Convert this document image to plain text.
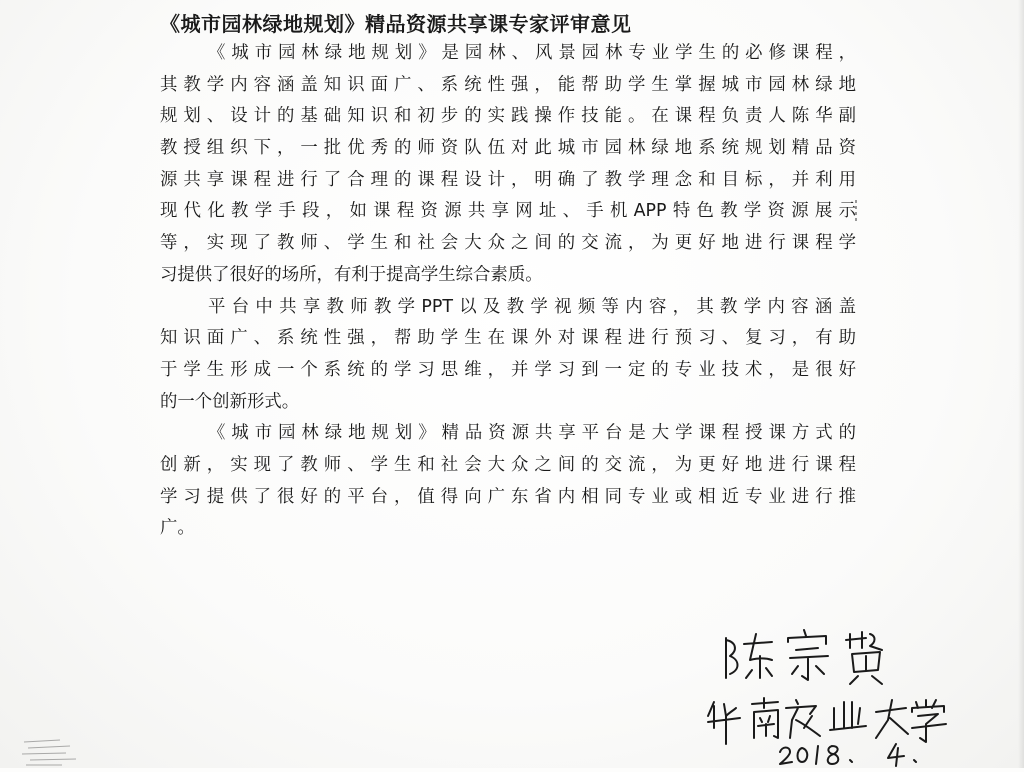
《城市园林绿地规划》精品资源共享课专家评审意见
《城市园林绿地规划》是园林、风景园林专业学生的必修课程，
其教学内容涵盖知识面广、系统性强，能帮助学生掌握城市园林绿地
规划、设计的基础知识和初步的实践操作技能。在课程负责人陈华副
教授组织下，一批优秀的师资队伍对此城市园林绿地系统规划精品资
源共享课程进行了合理的课程设计，明确了教学理念和目标，并利用
现代化教学手段，如课程资源共享网址、手机APP特色教学资源展示
等，实现了教师、学生和社会大众之间的交流，为更好地进行课程学
习提供了很好的场所，有利于提高学生综合素质。
平台中共享教师教学PPT以及教学视频等内容，其教学内容涵盖
知识面广、系统性强，帮助学生在课外对课程进行预习、复习，有助
于学生形成一个系统的学习思维，并学习到一定的专业技术，是很好
的一个创新形式。
《城市园林绿地规划》精品资源共享平台是大学课程授课方式的
创新，实现了教师、学生和社会大众之间的交流，为更好地进行课程
学习提供了很好的平台，值得向广东省内相同专业或相近专业进行推
广。
